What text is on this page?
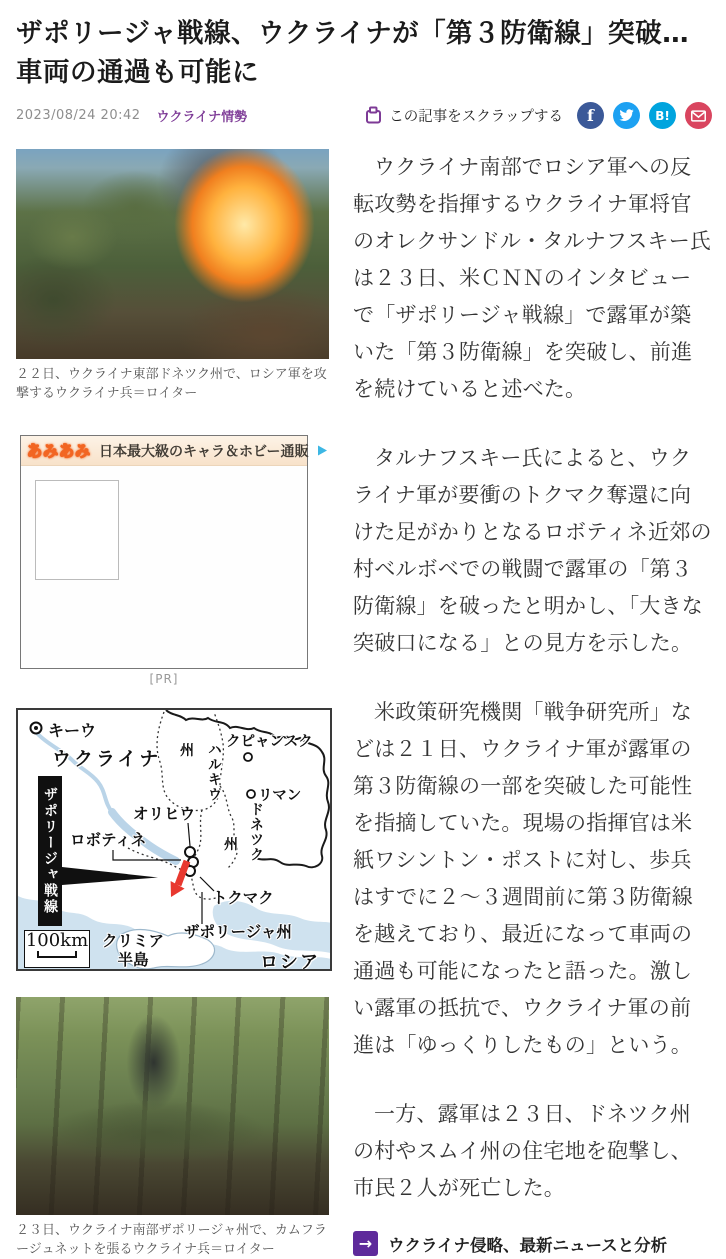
ザポリージャ戦線、ウクライナが「第３防衛線」突破…車両の通過も可能に
2023/08/24 20:42 ウクライナ情勢	この記事をスクラップする	f	B!
２２日、ウクライナ東部ドネツク州で、ロシア軍を攻撃するウクライナ兵＝ロイター
あみあみ 日本最大級のキャラ＆ホビー通販
[PR]
ザポリージャ戦線
キーウ
ウクライナ	ハルキウ
州
クピャンスク
リマン
ドネツク
州
オリヒウ
ロボティネ
トクマク
ザポリージャ州
クリミア
半島	ロシア
100km
２３日、ウクライナ南部ザポリージャ州で、カムフラージュネットを張るウクライナ兵＝ロイター

ウクライナ南部でロシア軍への反転攻勢を指揮するウクライナ軍将官のオレクサンドル・タルナフスキー氏は２３日、米ＣＮＮのインタビューで「ザポリージャ戦線」で露軍が築いた「第３防衛線」を突破し、前進を続けていると述べた。

タルナフスキー氏によると、ウクライナ軍が要衝のトクマク奪還に向けた足がかりとなるロボティネ近郊の村ベルボベでの戦闘で露軍の「第３防衛線」を破ったと明かし、「大きな突破口になる」との見方を示した。

米政策研究機関「戦争研究所」などは２１日、ウクライナ軍が露軍の第３防衛線の一部を突破した可能性を指摘していた。現場の指揮官は米紙ワシントン・ポストに対し、歩兵はすでに２～３週間前に第３防衛線を越えており、最近になって車両の通過も可能になったと語った。激しい露軍の抵抗で、ウクライナ軍の前進は「ゆっくりしたもの」という。

一方、露軍は２３日、ドネツク州の村やスムイ州の住宅地を砲撃し、市民２人が死亡した。

→ ウクライナ侵略、最新ニュースと分析
